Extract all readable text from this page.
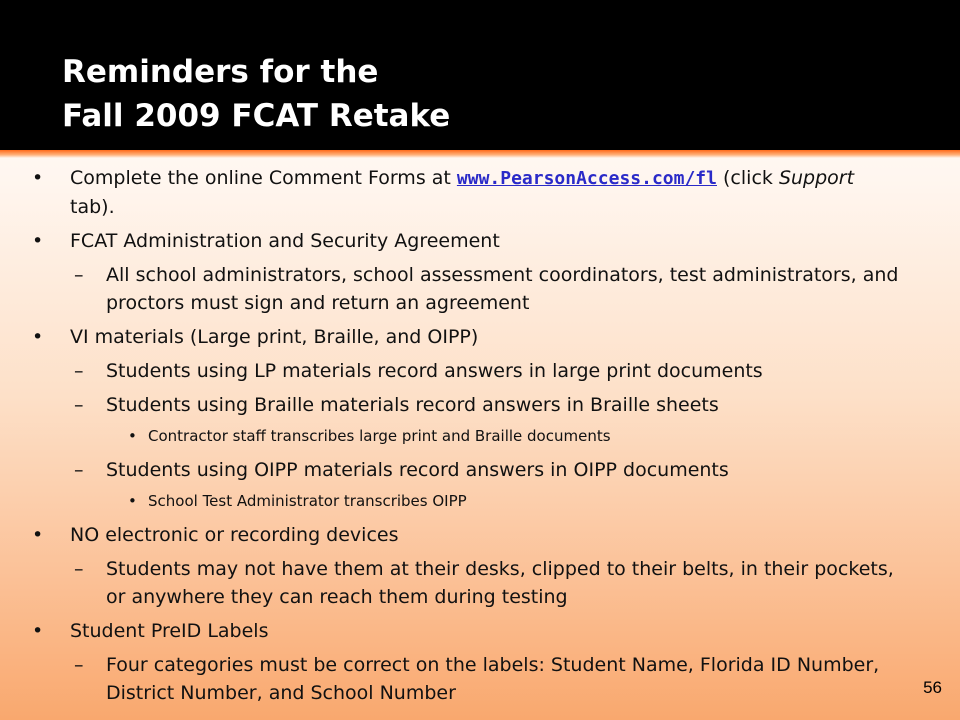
Reminders for the
Fall 2009 FCAT Retake
• Complete the online Comment Forms at www.PearsonAccess.com/fl (click Support tab).
• FCAT Administration and Security Agreement
– All school administrators, school assessment coordinators, test administrators, and proctors must sign and return an agreement
• VI materials (Large print, Braille, and OIPP)
– Students using LP materials record answers in large print documents
– Students using Braille materials record answers in Braille sheets
• Contractor staff transcribes large print and Braille documents
– Students using OIPP materials record answers in OIPP documents
• School Test Administrator transcribes OIPP
• NO electronic or recording devices
– Students may not have them at their desks, clipped to their belts, in their pockets, or anywhere they can reach them during testing
• Student PreID Labels
– Four categories must be correct on the labels: Student Name, Florida ID Number, District Number, and School Number	56
